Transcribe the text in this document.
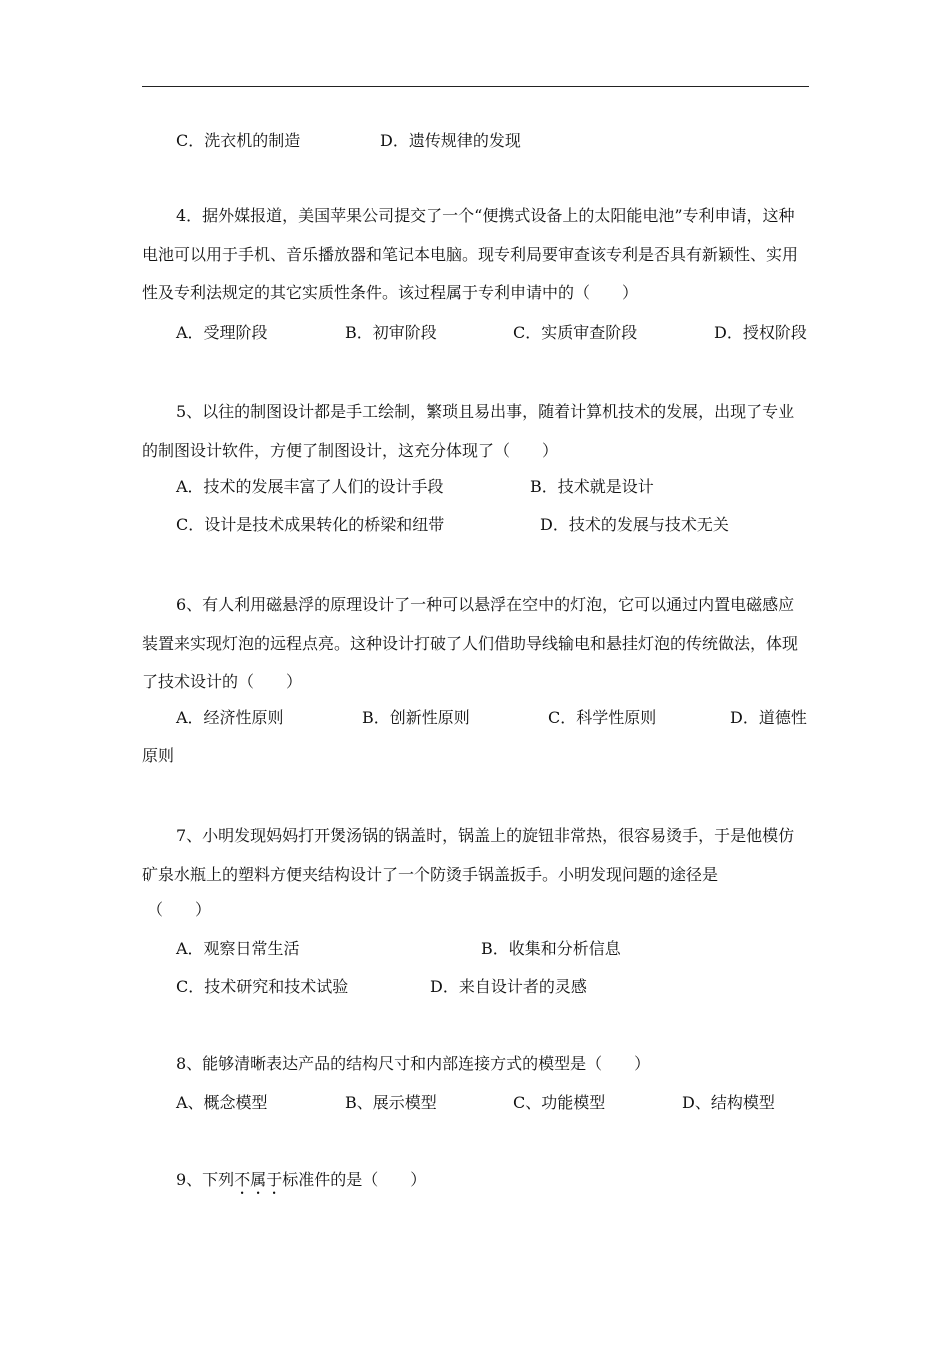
C．洗衣机的制造	D．遗传规律的发现
4．据外媒报道，美国苹果公司提交了一个“便携式设备上的太阳能电池”专利申请，这种电池可以用于手机、音乐播放器和笔记本电脑。现专利局要审查该专利是否具有新颖性、实用性及专利法规定的其它实质性条件。该过程属于专利申请中的（　　）
A．受理阶段	B．初审阶段	C．实质审查阶段	D．授权阶段
5、以往的制图设计都是手工绘制，繁琐且易出事，随着计算机技术的发展，出现了专业的制图设计软件，方便了制图设计，这充分体现了（　　）
A．技术的发展丰富了人们的设计手段	B．技术就是设计
C．设计是技术成果转化的桥梁和纽带	D．技术的发展与技术无关
6、有人利用磁悬浮的原理设计了一种可以悬浮在空中的灯泡，它可以通过内置电磁感应装置来实现灯泡的远程点亮。这种设计打破了人们借助导线输电和悬挂灯泡的传统做法，体现了技术设计的（　　）
A．经济性原则	B．创新性原则	C．科学性原则	D．道德性
原则
7、小明发现妈妈打开煲汤锅的锅盖时，锅盖上的旋钮非常热，很容易烫手，于是他模仿矿泉水瓶上的塑料方便夹结构设计了一个防烫手锅盖扳手。小明发现问题的途径是
（　　）
A．观察日常生活	B．收集和分析信息
C．技术研究和技术试验	D．来自设计者的灵感
8、能够清晰表达产品的结构尺寸和内部连接方式的模型是（　　）
A、概念模型	B、展示模型	C、功能模型	D、结构模型
9、下列不属于标准件的是（　　）
